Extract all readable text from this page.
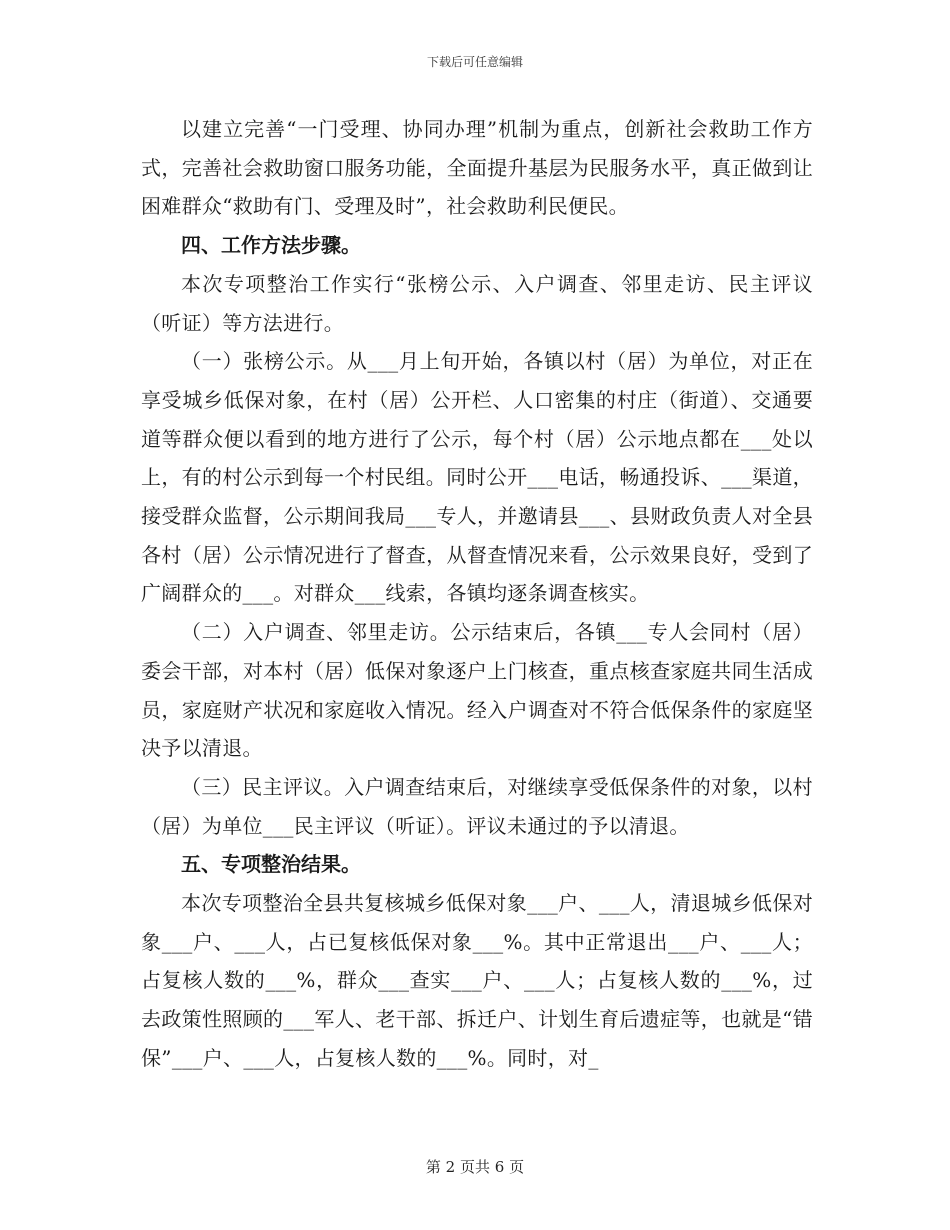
下载后可任意编辑

以建立完善“一门受理、协同办理”机制为重点，创新社会救助工作方式，完善社会救助窗口服务功能，全面提升基层为民服务水平，真正做到让困难群众“救助有门、受理及时”，社会救助利民便民。

四、工作方法步骤。

本次专项整治工作实行“张榜公示、入户调查、邻里走访、民主评议（听证）等方法进行。

（一）张榜公示。从___月上旬开始，各镇以村（居）为单位，对正在享受城乡低保对象，在村（居）公开栏、人口密集的村庄（街道）、交通要道等群众便以看到的地方进行了公示，每个村（居）公示地点都在___处以上，有的村公示到每一个村民组。同时公开___电话，畅通投诉、___渠道，接受群众监督，公示期间我局___专人，并邀请县___、县财政负责人对全县各村（居）公示情况进行了督查，从督查情况来看，公示效果良好，受到了广阔群众的___。对群众___线索，各镇均逐条调查核实。

（二）入户调查、邻里走访。公示结束后，各镇___专人会同村（居）委会干部，对本村（居）低保对象逐户上门核查，重点核查家庭共同生活成员，家庭财产状况和家庭收入情况。经入户调查对不符合低保条件的家庭坚决予以清退。

（三）民主评议。入户调查结束后，对继续享受低保条件的对象，以村（居）为单位___民主评议（听证）。评议未通过的予以清退。

五、专项整治结果。

本次专项整治全县共复核城乡低保对象___户、___人，清退城乡低保对象___户、___人，占已复核低保对象___%。其中正常退出___户、___人；占复核人数的___%，群众___查实___户、___人；占复核人数的___%，过去政策性照顾的___军人、老干部、拆迁户、计划生育后遗症等，也就是“错保”___户、___人，占复核人数的___%。同时，对_

第 2 页共 6 页
